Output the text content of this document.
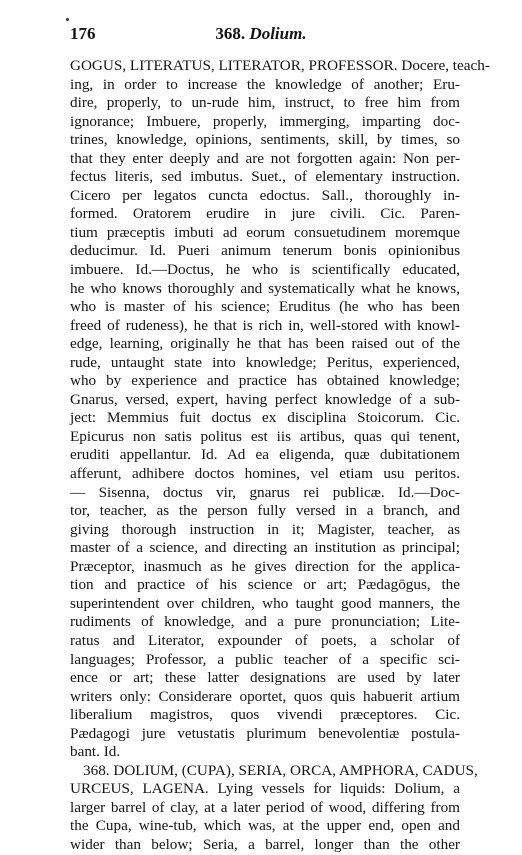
176	368. Dolium.
GOGUS, LITERATUS, LITERATOR, PROFESSOR. Docere, teach-
ing, in order to increase the knowledge of another; Eru-
dire, properly, to un-rude him, instruct, to free him from
ignorance; Imbuere, properly, immerging, imparting doc-
trines, knowledge, opinions, sentiments, skill, by times, so
that they enter deeply and are not forgotten again: Non per-
fectus literis, sed imbutus. Suet., of elementary instruction.
Cicero per legatos cuncta edoctus. Sall., thoroughly in-
formed. Oratorem erudire in jure civili. Cic. Paren-
tium præceptis imbuti ad eorum consuetudinem moremque
deducimur. Id. Pueri animum tenerum bonis opinionibus
imbuere. Id.—Doctus, he who is scientifically educated,
he who knows thoroughly and systematically what he knows,
who is master of his science; Eruditus (he who has been
freed of rudeness), he that is rich in, well-stored with knowl-
edge, learning, originally he that has been raised out of the
rude, untaught state into knowledge; Peritus, experienced,
who by experience and practice has obtained knowledge;
Gnarus, versed, expert, having perfect knowledge of a sub-
ject: Memmius fuit doctus ex disciplina Stoicorum. Cic.
Epicurus non satis politus est iis artibus, quas qui tenent,
eruditi appellantur. Id. Ad ea eligenda, quæ dubitationem
afferunt, adhibere doctos homines, vel etiam usu peritos.
— Sisenna, doctus vir, gnarus rei publicæ. Id.—Doc-
tor, teacher, as the person fully versed in a branch, and
giving thorough instruction in it; Magister, teacher, as
master of a science, and directing an institution as principal;
Præceptor, inasmuch as he gives direction for the applica-
tion and practice of his science or art; Pædagōgus, the
superintendent over children, who taught good manners, the
rudiments of knowledge, and a pure pronunciation; Lite-
ratus and Literator, expounder of poets, a scholar of
languages; Professor, a public teacher of a specific sci-
ence or art; these latter designations are used by later
writers only: Considerare oportet, quos quis habuerit artium
liberalium magistros, quos vivendi præceptores. Cic.
Pædagogi jure vetustatis plurimum benevolentiæ postula-
bant. Id.
368. DOLIUM, (CUPA), SERIA, ORCA, AMPHORA, CADUS,
URCEUS, LAGENA. Lying vessels for liquids: Dolium, a
larger barrel of clay, at a later period of wood, differing from
the Cupa, wine-tub, which was, at the upper end, open and
wider than below; Seria, a barrel, longer than the other
